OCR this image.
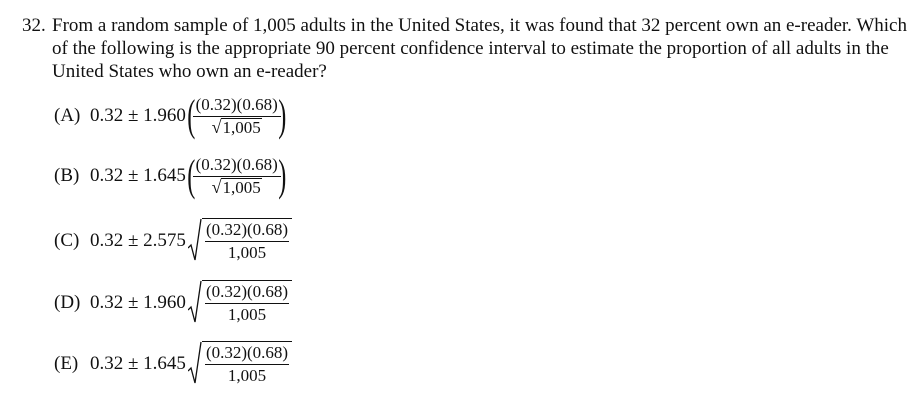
32. From a random sample of 1,005 adults in the United States, it was found that 32 percent own an e-reader. Which
of the following is the appropriate 90 percent confidence interval to estimate the proportion of all adults in the
United States who own an e-reader?
(A) 0.32 ± 1.960 (
$\frac{(0.32)(0.68)}{√ 1,005}$
)
(B) 0.32 ± 1.645 (
$\frac{(0.32)(0.68)}{√ 1,005}$
)
(C) $0.32 \pm 2.575 \frac{(0.32)(0.68)}{1,005}$
(D) $0.32 \pm 1.960 \frac{(0.32)(0.68)}{1,005}$
(E) $0.32 \pm 1.645 \frac{(0.32)(0.68)}{1,005}$
